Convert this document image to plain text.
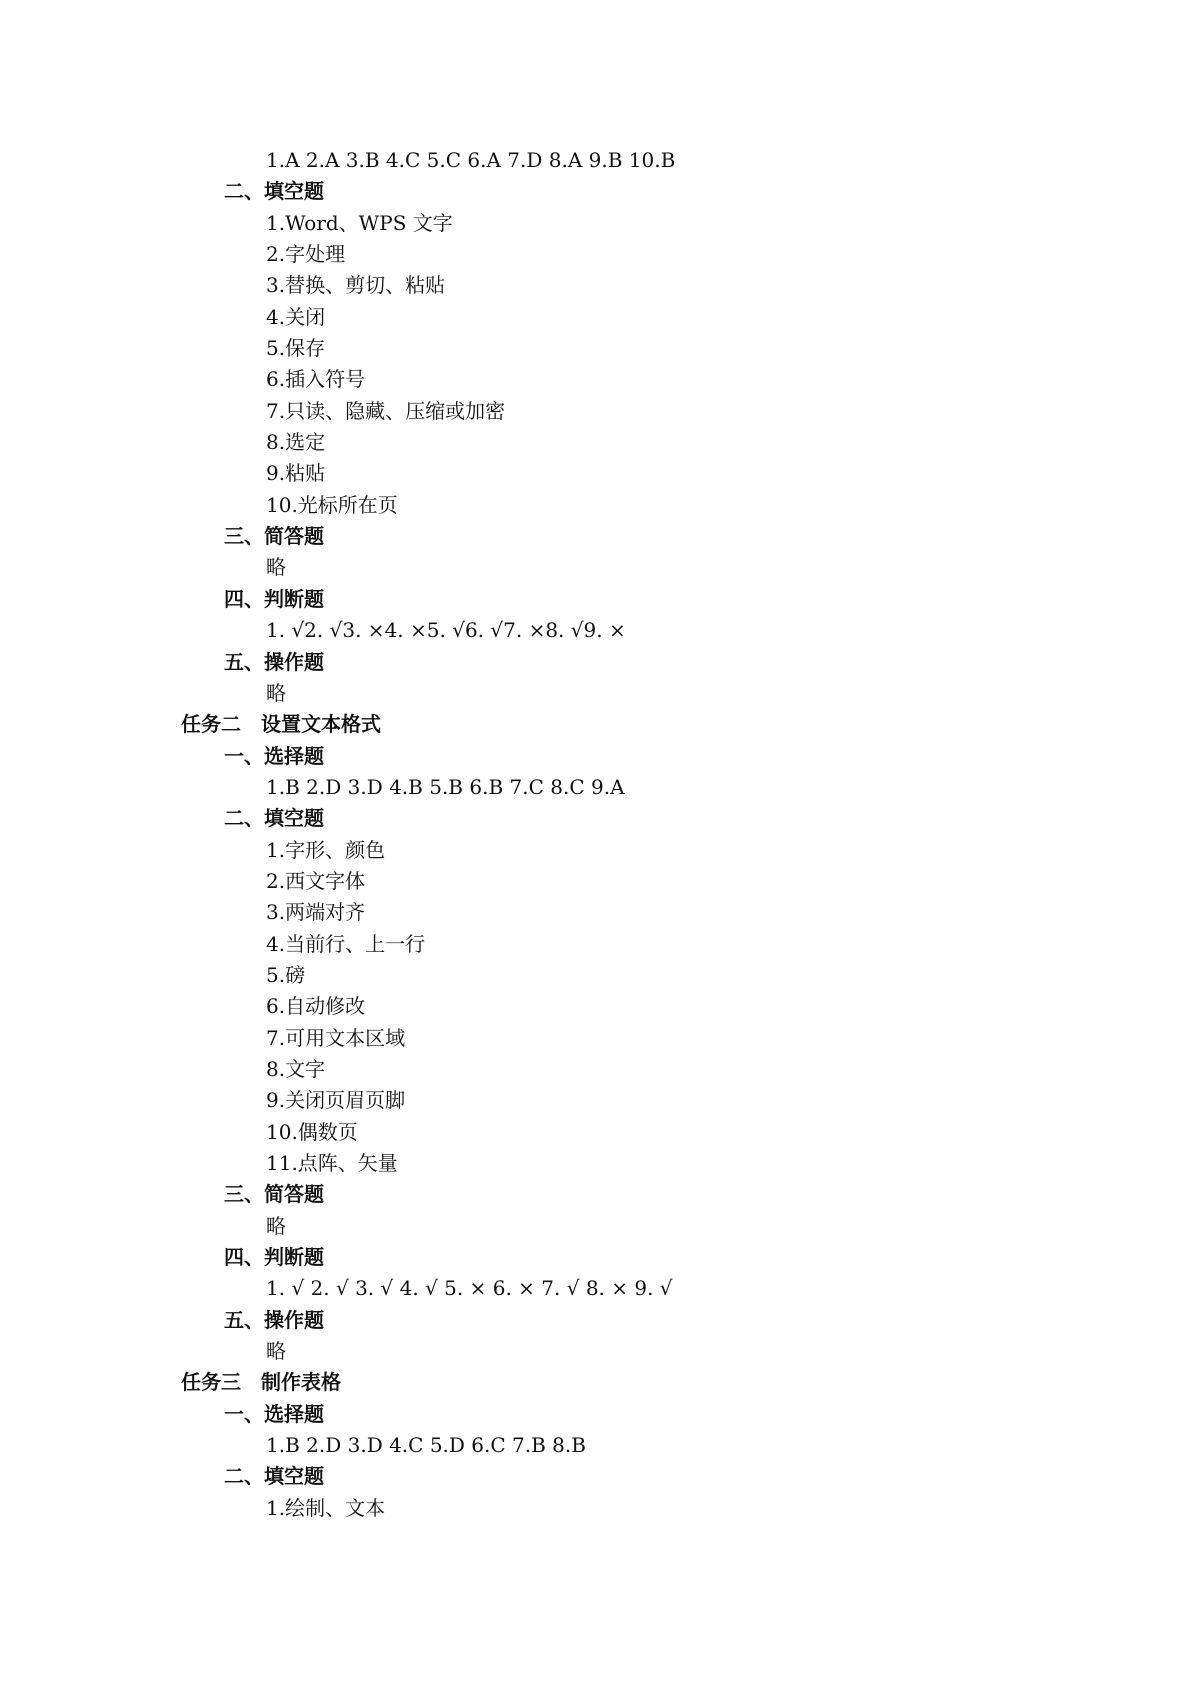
1.A 2.A 3.B 4.C 5.C 6.A 7.D 8.A 9.B 10.B
二、填空题
1.Word、WPS 文字
2.字处理
3.替换、剪切、粘贴
4.关闭
5.保存
6.插入符号
7.只读、隐藏、压缩或加密
8.选定
9.粘贴
10.光标所在页
三、简答题
略
四、判断题
1. √2. √3. ×4. ×5. √6. √7. ×8. √9. ×
五、操作题
略
任务二　设置文本格式
一、选择题
1.B 2.D 3.D 4.B 5.B 6.B 7.C 8.C 9.A
二、填空题
1.字形、颜色
2.西文字体
3.两端对齐
4.当前行、上一行
5.磅
6.自动修改
7.可用文本区域
8.文字
9.关闭页眉页脚
10.偶数页
11.点阵、矢量
三、简答题
略
四、判断题
1. √ 2. √ 3. √ 4. √ 5. × 6. × 7. √ 8. × 9. √
五、操作题
略
任务三　制作表格
一、选择题
1.B 2.D 3.D 4.C 5.D 6.C 7.B 8.B
二、填空题
1.绘制、文本
